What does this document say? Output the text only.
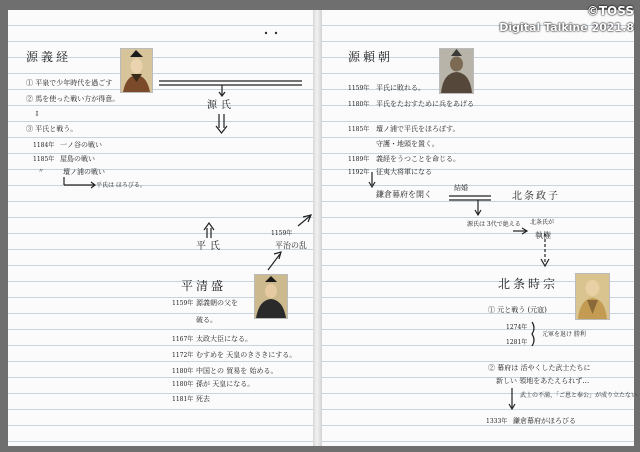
©TOSS
Digital Talkine 2021.8
源義経
① 平泉で少年時代を過ごす
② 馬を使った戦い方が得意。
⇩
③ 平氏と戦う。
1184年 一ノ谷の戦い
1185年 屋島の戦い
〃	壇ノ浦の戦い
平氏は ほろびる。
源氏
平氏
1159年
平治の乱
平清盛
1159年 源義朝の父を
破る。
1167年 太政大臣になる。
1172年 むすめを 天皇のきさきにする。
1180年 中国との 貿易を 始める。
1180年 孫が 天皇になる。
1181年 死去
源頼朝
1159年 平氏に敗れる。
1180年 平氏をたおすために兵をあげる
1185年 壇ノ浦で平氏をほろぼす。
守護・地頭を置く。
1189年 義経をうつことを命じる。
1192年 征夷大将軍になる
鎌倉幕府を開く
結婚
北条政子
源氏は 3代で絶える 北条氏が
執権
北条時宗
① 元と戦う (元寇)
1274年
1281年
元軍を退け 勝利
② 幕府は 活やくした武士たちに
新しい 領地をあたえられず…
武士の不満、「ご恩と奉公」が成り立たない
1333年 鎌倉幕府がほろびる
